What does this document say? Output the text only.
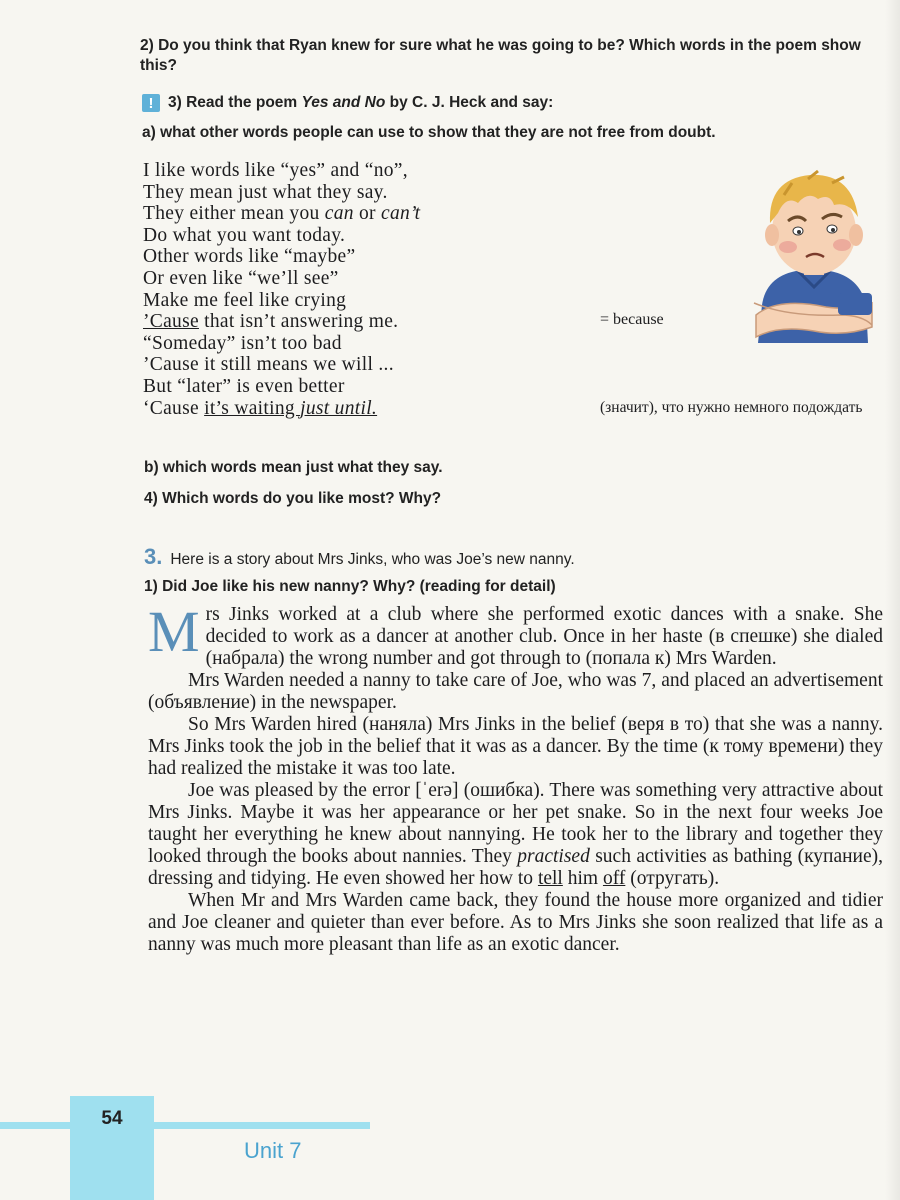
2) Do you think that Ryan knew for sure what he was going to be? Which words in the poem show this?
! 3) Read the poem Yes and No by C. J. Heck and say:
a) what other words people can use to show that they are not free from doubt.
I like words like “yes” and “no”,
They mean just what they say.
They either mean you can or can’t
Do what you want today.
Other words like “maybe”
Or even like “we’ll see”
Make me feel like crying
’Cause that isn’t answering me.
“Someday” isn’t too bad
’Cause it still means we will ...
But “later” is even better
‘Cause it’s waiting just until.
= because
(значит), что нужно немного подождать
b) which words mean just what they say.
4) Which words do you like most? Why?
3. Here is a story about Mrs Jinks, who was Joe’s new nanny.
1) Did Joe like his new nanny? Why? (reading for detail)

Mrs Jinks worked at a club where she performed exotic dances with a snake. She decided to work as a dancer at another club. Once in her haste (в спешке) she dialed (набрала) the wrong number and got through to (попала к) Mrs Warden.

Mrs Warden needed a nanny to take care of Joe, who was 7, and placed an advertisement (объявление) in the newspaper.

So Mrs Warden hired (наняла) Mrs Jinks in the belief (веря в то) that she was a nanny. Mrs Jinks took the job in the belief that it was as a dancer. By the time (к тому времени) they had realized the mistake it was too late.

Joe was pleased by the error [ˈerə] (ошибка). There was something very attractive about Mrs Jinks. Maybe it was her appearance or her pet snake. So in the next four weeks Joe taught her everything he knew about nannying. He took her to the library and together they looked through the books about nannies. They practised such activities as bathing (купание), dressing and tidying. He even showed her how to tell him off (отругать).

When Mr and Mrs Warden came back, they found the house more organized and tidier and Joe cleaner and quieter than ever before. As to Mrs Jinks she soon realized that life as a nanny was much more pleasant than life as an exotic dancer.

54
Unit 7
